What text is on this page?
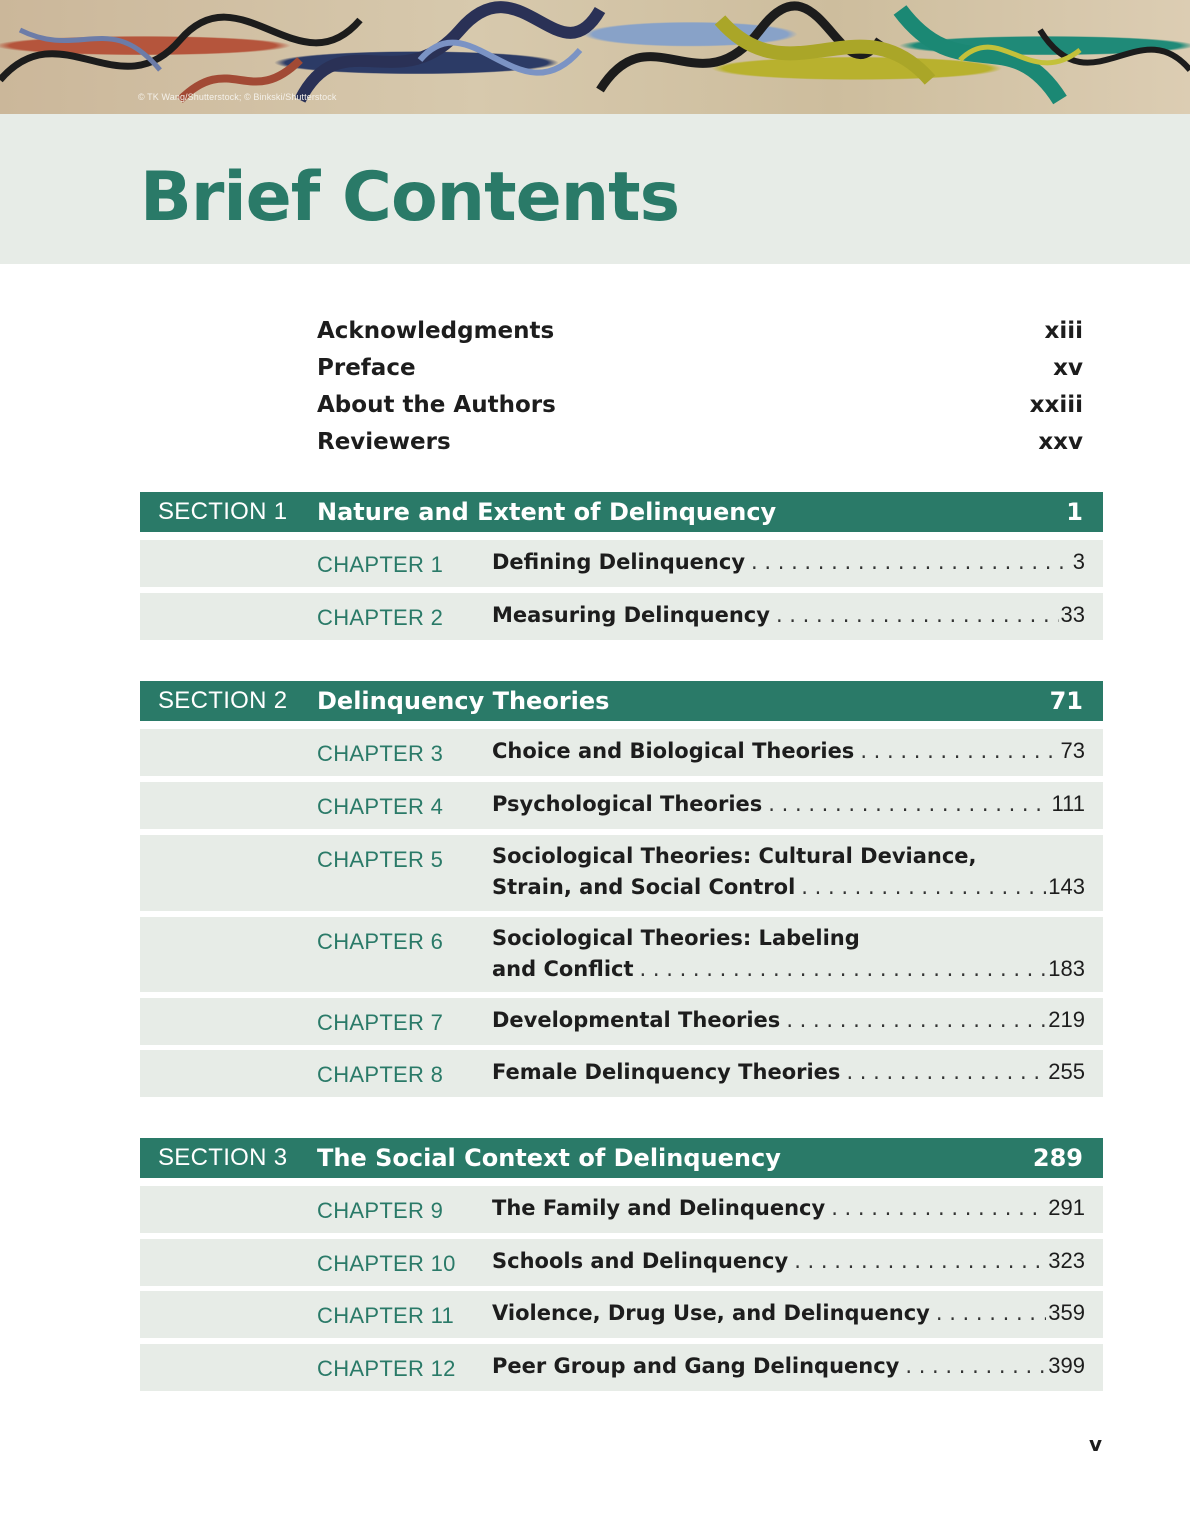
© TK Wang/Shutterstock; © Binkski/Shutterstock
Brief Contents
Acknowledgments	xiii
Preface	xv
About the Authors	xxiii
Reviewers	xxv
SECTION 1 Nature and Extent of Delinquency	1
CHAPTER 1 Defining Delinquency . . .	3
CHAPTER 2 Measuring Delinquency . . .	33
SECTION 2 Delinquency Theories	71
CHAPTER 3 Choice and Biological Theories . . .	73
CHAPTER 4 Psychological Theories . . .	111
CHAPTER 5 Sociological Theories: Cultural Deviance,
Strain, and Social Control . . .	143
CHAPTER 6 Sociological Theories: Labeling
and Conflict . . .	183
CHAPTER 7 Developmental Theories . . .	219
CHAPTER 8 Female Delinquency Theories . . .	255
SECTION 3 The Social Context of Delinquency	289
CHAPTER 9 The Family and Delinquency . . .	291
CHAPTER 10 Schools and Delinquency . . .	323
CHAPTER 11 Violence, Drug Use, and Delinquency . . .	359
CHAPTER 12 Peer Group and Gang Delinquency . . .	399
v
